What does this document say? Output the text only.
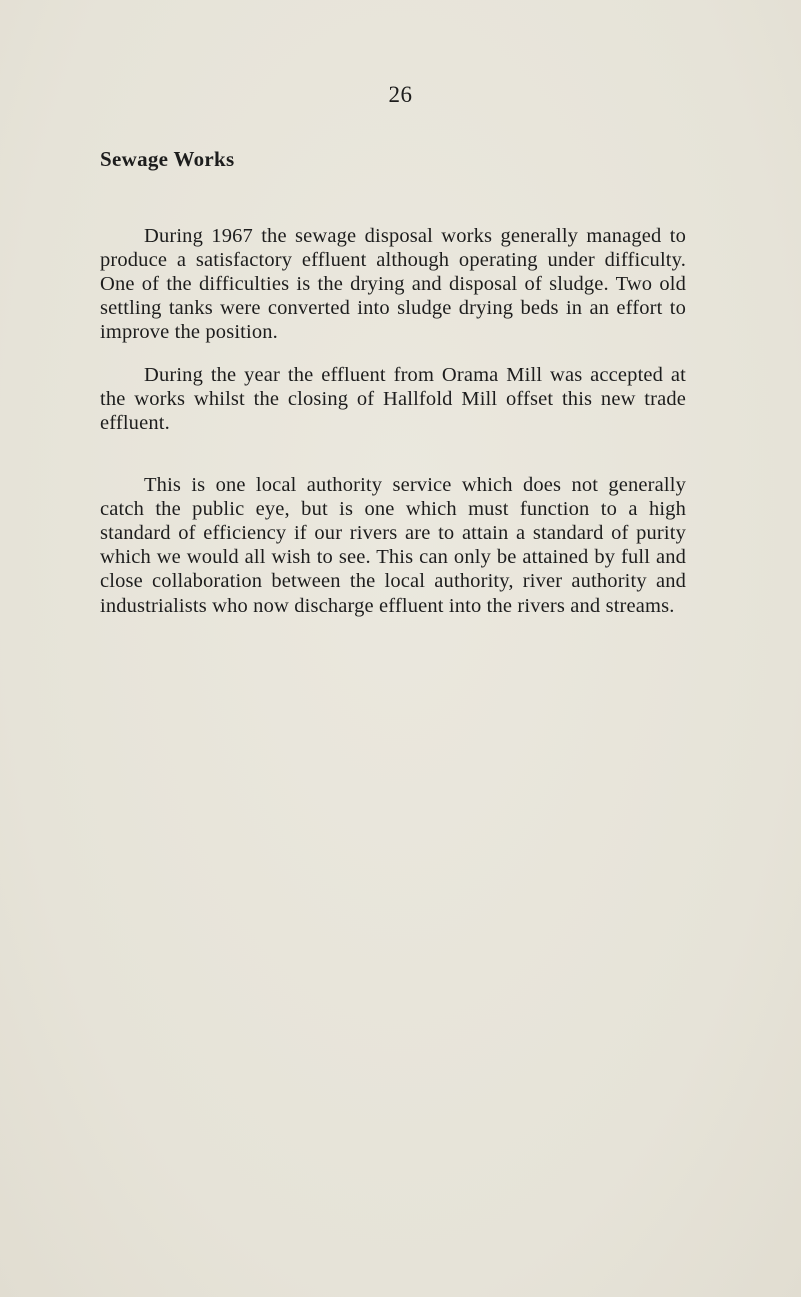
26
Sewage Works

During 1967 the sewage disposal works generally managed to produce a satisfactory effluent although operating under difficulty. One of the difficulties is the drying and disposal of sludge. Two old settling tanks were converted into sludge drying beds in an effort to improve the position.

During the year the effluent from Orama Mill was accepted at the works whilst the closing of Hallfold Mill offset this new trade effluent.

This is one local authority service which does not generally catch the public eye, but is one which must function to a high standard of efficiency if our rivers are to attain a standard of purity which we would all wish to see. This can only be attained by full and close collaboration between the local authority, river authority and industrialists who now discharge effluent into the rivers and streams.
